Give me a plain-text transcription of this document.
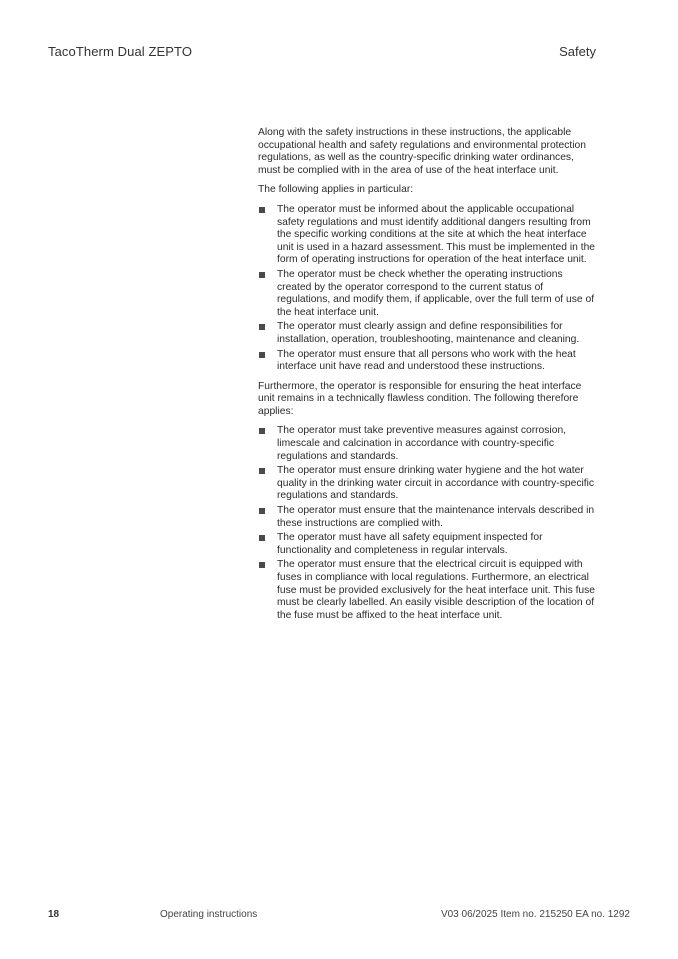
TacoTherm Dual ZEPTO	Safety

Along with the safety instructions in these instructions, the applicable occupational health and safety regulations and environmental protection regulations, as well as the country-specific drinking water ordinances, must be complied with in the area of use of the heat interface unit.

The following applies in particular:

The operator must be informed about the applicable occupational safety regulations and must identify additional dangers resulting from the specific working conditions at the site at which the heat interface unit is used in a hazard assessment. This must be implemented in the form of operating instructions for operation of the heat interface unit.
The operator must be check whether the operating instructions created by the operator correspond to the current status of regulations, and modify them, if applicable, over the full term of use of the heat interface unit.
The operator must clearly assign and define responsibilities for installation, operation, troubleshooting, maintenance and cleaning.
The operator must ensure that all persons who work with the heat interface unit have read and understood these instructions.

Furthermore, the operator is responsible for ensuring the heat interface unit remains in a technically flawless condition. The following therefore applies:

The operator must take preventive measures against corrosion, limescale and calcination in accordance with country-specific regulations and standards.
The operator must ensure drinking water hygiene and the hot water quality in the drinking water circuit in accordance with country-specific regulations and standards.
The operator must ensure that the maintenance intervals described in these instructions are complied with.
The operator must have all safety equipment inspected for functionality and completeness in regular intervals.
The operator must ensure that the electrical circuit is equipped with fuses in compliance with local regulations. Furthermore, an electrical fuse must be provided exclusively for the heat interface unit. This fuse must be clearly labelled. An easily visible description of the location of the fuse must be affixed to the heat interface unit.
18	Operating instructions	V03 06/2025 Item no. 215250 EA no. 1292
